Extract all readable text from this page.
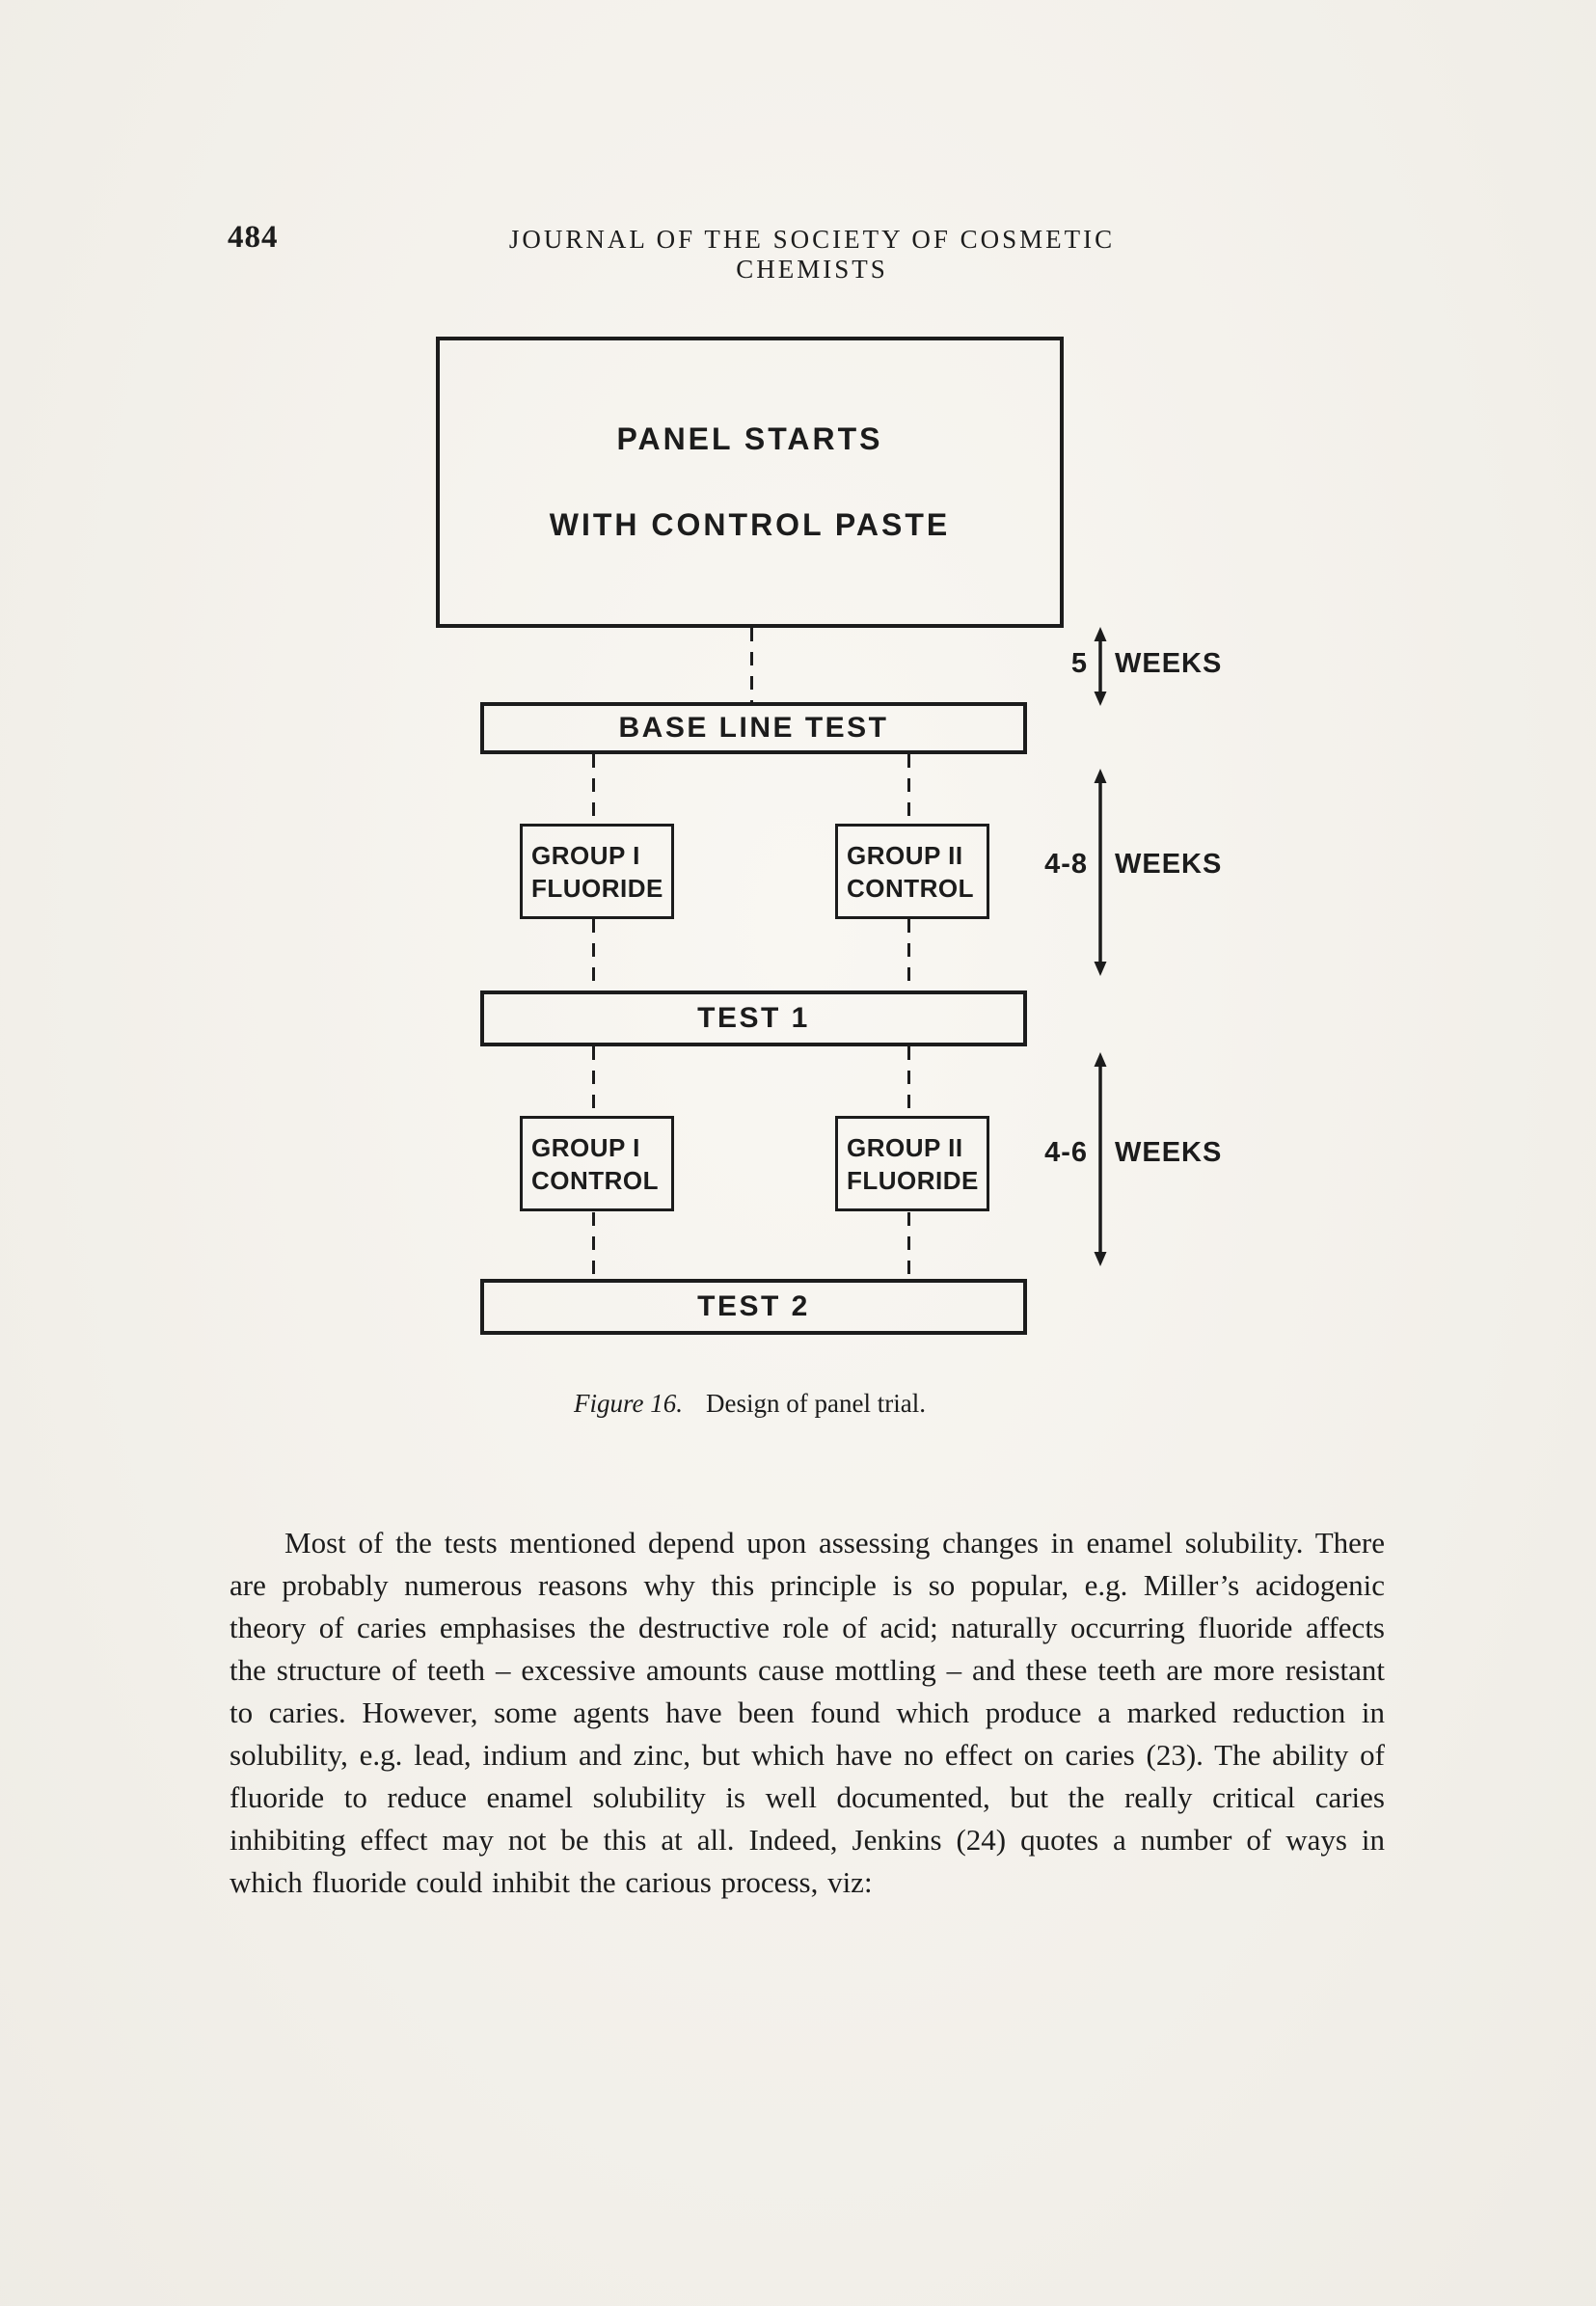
484	JOURNAL OF THE SOCIETY OF COSMETIC CHEMISTS
PANEL STARTS
WITH CONTROL PASTE
BASE LINE TEST
5 WEEKS
GROUP I
FLUORIDE
GROUP II
CONTROL
4-8 WEEKS
TEST 1
GROUP I
CONTROL
GROUP II
FLUORIDE
4-6 WEEKS
TEST 2
Figure 16. Design of panel trial.
Most of the tests mentioned depend upon assessing changes in enamel solubility. There are probably numerous reasons why this principle is so popular, e.g. Miller’s acidogenic theory of caries emphasises the destructive role of acid; naturally occurring fluoride affects the structure of teeth – excessive amounts cause mottling – and these teeth are more resistant to caries. However, some agents have been found which produce a marked reduction in solubility, e.g. lead, indium and zinc, but which have no effect on caries (23). The ability of fluoride to reduce enamel solubility is well documented, but the really critical caries inhibiting effect may not be this at all. Indeed, Jenkins (24) quotes a number of ways in which fluoride could inhibit the carious process, viz:
